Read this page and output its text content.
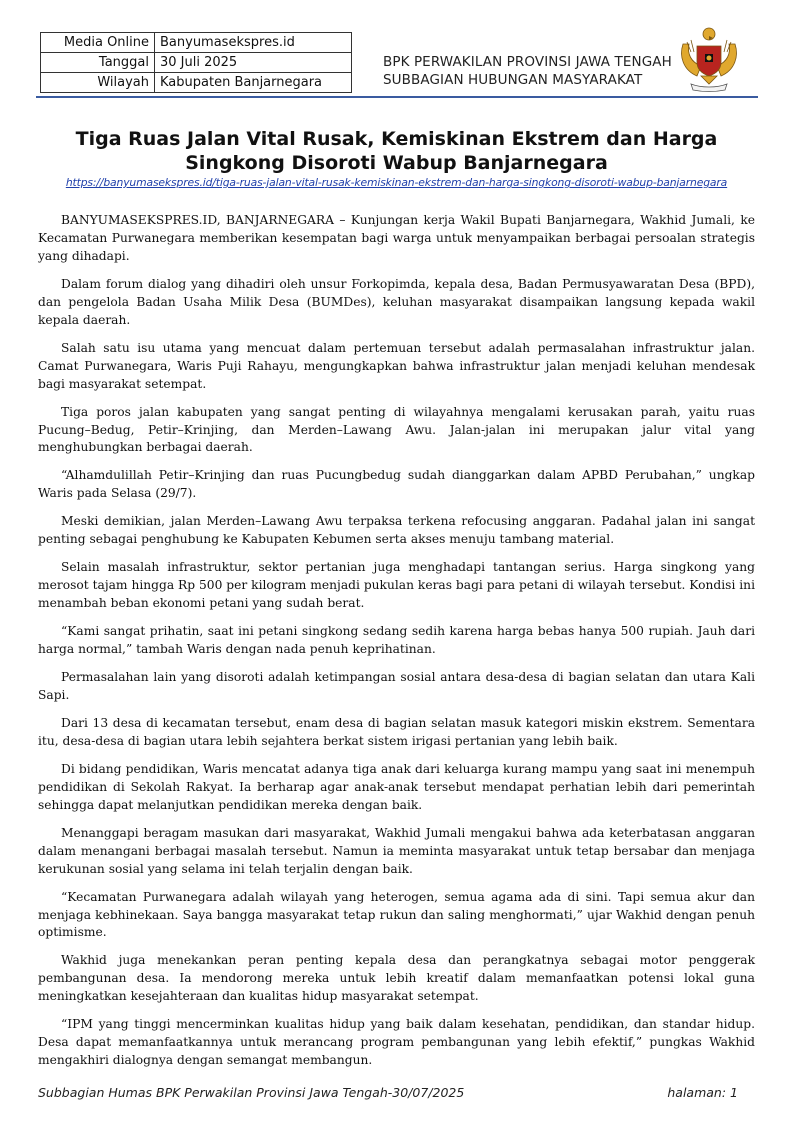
Media Online	Banyumasekspres.id
Tanggal	30 Juli 2025
Wilayah	Kabupaten Banjarnegara
BPK PERWAKILAN PROVINSI JAWA TENGAH
SUBBAGIAN HUBUNGAN MASYARAKAT
Tiga Ruas Jalan Vital Rusak, Kemiskinan Ekstrem dan Harga Singkong Disoroti Wabup Banjarnegara
https://banyumasekspres.id/tiga-ruas-jalan-vital-rusak-kemiskinan-ekstrem-dan-harga-singkong-disoroti-wabup-banjarnegara

BANYUMASEKSPRES.ID, BANJARNEGARA – Kunjungan kerja Wakil Bupati Banjarnegara, Wakhid Jumali, ke Kecamatan Purwanegara memberikan kesempatan bagi warga untuk menyampaikan berbagai persoalan strategis yang dihadapi.

Dalam forum dialog yang dihadiri oleh unsur Forkopimda, kepala desa, Badan Permusyawaratan Desa (BPD), dan pengelola Badan Usaha Milik Desa (BUMDes), keluhan masyarakat disampaikan langsung kepada wakil kepala daerah.

Salah satu isu utama yang mencuat dalam pertemuan tersebut adalah permasalahan infrastruktur jalan. Camat Purwanegara, Waris Puji Rahayu, mengungkapkan bahwa infrastruktur jalan menjadi keluhan mendesak bagi masyarakat setempat.

Tiga poros jalan kabupaten yang sangat penting di wilayahnya mengalami kerusakan parah, yaitu ruas Pucung–Bedug, Petir–Krinjing, dan Merden–Lawang Awu. Jalan-jalan ini merupakan jalur vital yang menghubungkan berbagai daerah.

“Alhamdulillah Petir–Krinjing dan ruas Pucungbedug sudah dianggarkan dalam APBD Perubahan,” ungkap Waris pada Selasa (29/7).

Meski demikian, jalan Merden–Lawang Awu terpaksa terkena refocusing anggaran. Padahal jalan ini sangat penting sebagai penghubung ke Kabupaten Kebumen serta akses menuju tambang material.

Selain masalah infrastruktur, sektor pertanian juga menghadapi tantangan serius. Harga singkong yang merosot tajam hingga Rp 500 per kilogram menjadi pukulan keras bagi para petani di wilayah tersebut. Kondisi ini menambah beban ekonomi petani yang sudah berat.

“Kami sangat prihatin, saat ini petani singkong sedang sedih karena harga bebas hanya 500 rupiah. Jauh dari harga normal,” tambah Waris dengan nada penuh keprihatinan.

Permasalahan lain yang disoroti adalah ketimpangan sosial antara desa-desa di bagian selatan dan utara Kali Sapi.

Dari 13 desa di kecamatan tersebut, enam desa di bagian selatan masuk kategori miskin ekstrem. Sementara itu, desa-desa di bagian utara lebih sejahtera berkat sistem irigasi pertanian yang lebih baik.

Di bidang pendidikan, Waris mencatat adanya tiga anak dari keluarga kurang mampu yang saat ini menempuh pendidikan di Sekolah Rakyat. Ia berharap agar anak-anak tersebut mendapat perhatian lebih dari pemerintah sehingga dapat melanjutkan pendidikan mereka dengan baik.

Menanggapi beragam masukan dari masyarakat, Wakhid Jumali mengakui bahwa ada keterbatasan anggaran dalam menangani berbagai masalah tersebut. Namun ia meminta masyarakat untuk tetap bersabar dan menjaga kerukunan sosial yang selama ini telah terjalin dengan baik.

“Kecamatan Purwanegara adalah wilayah yang heterogen, semua agama ada di sini. Tapi semua akur dan menjaga kebhinekaan. Saya bangga masyarakat tetap rukun dan saling menghormati,” ujar Wakhid dengan penuh optimisme.

Wakhid juga menekankan peran penting kepala desa dan perangkatnya sebagai motor penggerak pembangunan desa. Ia mendorong mereka untuk lebih kreatif dalam memanfaatkan potensi lokal guna meningkatkan kesejahteraan dan kualitas hidup masyarakat setempat.

“IPM yang tinggi mencerminkan kualitas hidup yang baik dalam kesehatan, pendidikan, dan standar hidup. Desa dapat memanfaatkannya untuk merancang program pembangunan yang lebih efektif,” pungkas Wakhid mengakhiri dialognya dengan semangat membangun.

Subbagian Humas BPK Perwakilan Provinsi Jawa Tengah-30/07/2025	halaman: 1
